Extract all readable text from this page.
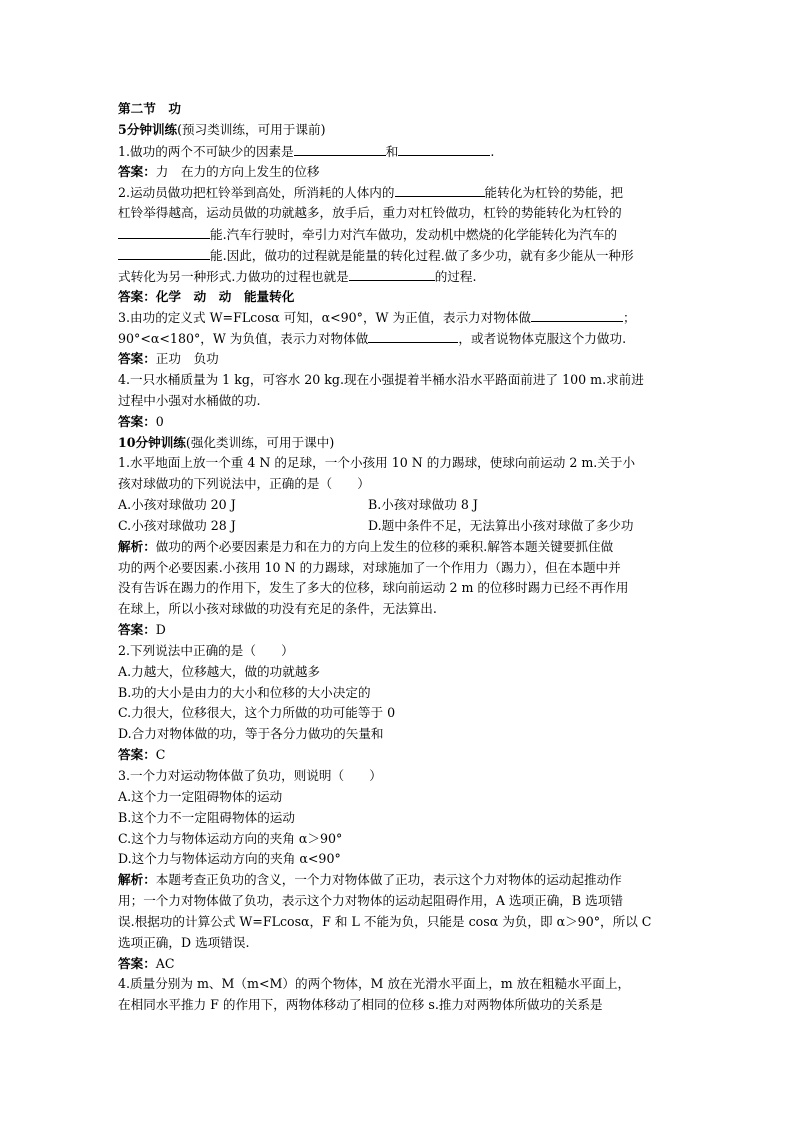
第二节　功
5分钟训练(预习类训练，可用于课前)
1.做功的两个不可缺少的因素是	和	.
答案：力　在力的方向上发生的位移
2.运动员做功把杠铃举到高处，所消耗的人体内的	能转化为杠铃的势能，把
杠铃举得越高，运动员做的功就越多，放手后，重力对杠铃做功，杠铃的势能转化为杠铃的
能.汽车行驶时，牵引力对汽车做功，发动机中燃烧的化学能转化为汽车的
能.因此，做功的过程就是能量的转化过程.做了多少功，就有多少能从一种形
式转化为另一种形式.力做功的过程也就是	的过程.
答案：化学　动　动　能量转化
3.由功的定义式 W=FLcosα 可知，α<90°，W 为正值，表示力对物体做	；
90°<α<180°，W 为负值，表示力对物体做	，或者说物体克服这个力做功.
答案：正功　负功
4.一只水桶质量为 1 kg，可容水 20 kg.现在小强提着半桶水沿水平路面前进了 100 m.求前进
过程中小强对水桶做的功.
答案：0
10分钟训练(强化类训练，可用于课中)
1.水平地面上放一个重 4 N 的足球，一个小孩用 10 N 的力踢球，使球向前运动 2 m.关于小
孩对球做功的下列说法中，正确的是（　　）
A.小孩对球做功 20 J	B.小孩对球做功 8 J
C.小孩对球做功 28 J	D.题中条件不足，无法算出小孩对球做了多少功
解析：做功的两个必要因素是力和在力的方向上发生的位移的乘积.解答本题关键要抓住做
功的两个必要因素.小孩用 10 N 的力踢球，对球施加了一个作用力（踢力），但在本题中并
没有告诉在踢力的作用下，发生了多大的位移，球向前运动 2 m 的位移时踢力已经不再作用
在球上，所以小孩对球做的功没有充足的条件，无法算出.
答案：D
2.下列说法中正确的是（　　）
A.力越大，位移越大，做的功就越多
B.功的大小是由力的大小和位移的大小决定的
C.力很大，位移很大，这个力所做的功可能等于 0
D.合力对物体做的功，等于各分力做功的矢量和
答案：C
3.一个力对运动物体做了负功，则说明（　　）
A.这个力一定阻碍物体的运动
B.这个力不一定阻碍物体的运动
C.这个力与物体运动方向的夹角 α＞90°
D.这个力与物体运动方向的夹角 α<90°
解析：本题考查正负功的含义，一个力对物体做了正功，表示这个力对物体的运动起推动作
用；一个力对物体做了负功，表示这个力对物体的运动起阻碍作用，A 选项正确，B 选项错
误.根据功的计算公式 W=FLcosα，F 和 L 不能为负，只能是 cosα 为负，即 α＞90°，所以 C
选项正确，D 选项错误.
答案：AC
4.质量分别为 m、M（m<M）的两个物体，M 放在光滑水平面上，m 放在粗糙水平面上，
在相同水平推力 F 的作用下，两物体移动了相同的位移 s.推力对两物体所做功的关系是
